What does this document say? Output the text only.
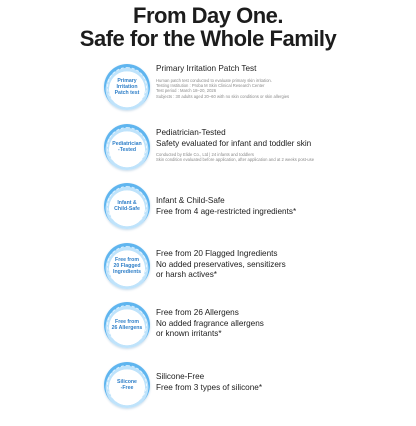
From Day One.
Safe for the Whole Family
Primary
Irritation
Patch test
Primary Irritation Patch Test
Human patch test conducted to evaluate primary skin irritation.
Testing Institution : Proba M Skin Clinical Research Center
Test period : March 18–20, 2026
Subjects : 30 adults aged 20–60 with no skin conditions or skin allergies
Pediatrician
-Tested
Pediatrician-Tested
Safety evaluated for infant and toddler skin
Conducted by Elide Co., Ltd | 24 infants and toddlers
Skin condition evaluated before application, after application and at 2 weeks post-use
Infant &
Child-Safe
Infant & Child-Safe
Free from 4 age-restricted ingredients*
Free from
20 Flagged
Ingredients
Free from 20 Flagged Ingredients
No added preservatives, sensitizers
or harsh actives*
Free from
26 Allergens
Free from 26 Allergens
No added fragrance allergens
or known irritants*
Silicone
-Free
Silicone-Free
Free from 3 types of silicone*
